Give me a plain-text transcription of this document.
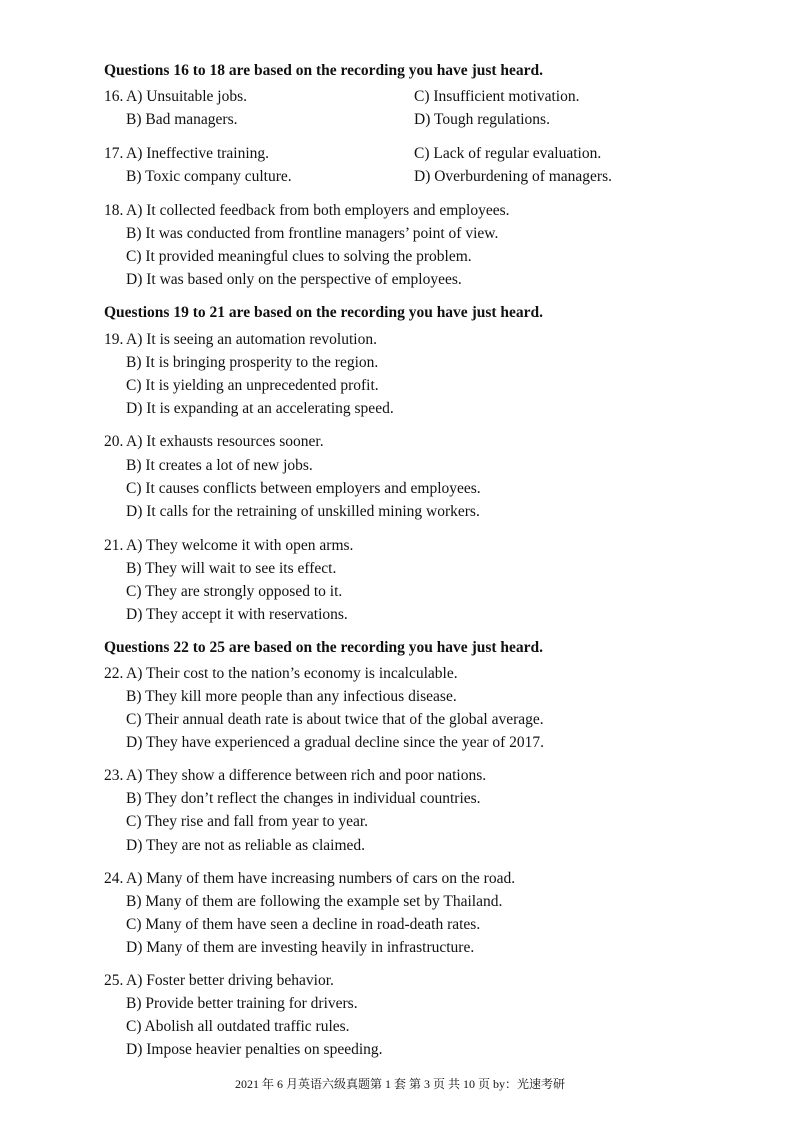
Questions 16 to 18 are based on the recording you have just heard.
16. A) Unsuitable jobs.	C) Insufficient motivation.
B) Bad managers.	D) Tough regulations.
17. A) Ineffective training.	C) Lack of regular evaluation.
B) Toxic company culture.	D) Overburdening of managers.
18. A) It collected feedback from both employers and employees.
B) It was conducted from frontline managers’ point of view.
C) It provided meaningful clues to solving the problem.
D) It was based only on the perspective of employees.
Questions 19 to 21 are based on the recording you have just heard.
19. A) It is seeing an automation revolution.
B) It is bringing prosperity to the region.
C) It is yielding an unprecedented profit.
D) It is expanding at an accelerating speed.
20. A) It exhausts resources sooner.
B) It creates a lot of new jobs.
C) It causes conflicts between employers and employees.
D) It calls for the retraining of unskilled mining workers.
21. A) They welcome it with open arms.
B) They will wait to see its effect.
C) They are strongly opposed to it.
D) They accept it with reservations.
Questions 22 to 25 are based on the recording you have just heard.
22. A) Their cost to the nation’s economy is incalculable.
B) They kill more people than any infectious disease.
C) Their annual death rate is about twice that of the global average.
D) They have experienced a gradual decline since the year of 2017.
23. A) They show a difference between rich and poor nations.
B) They don’t reflect the changes in individual countries.
C) They rise and fall from year to year.
D) They are not as reliable as claimed.
24. A) Many of them have increasing numbers of cars on the road.
B) Many of them are following the example set by Thailand.
C) Many of them have seen a decline in road-death rates.
D) Many of them are investing heavily in infrastructure.
25. A) Foster better driving behavior.
B) Provide better training for drivers.
C) Abolish all outdated traffic rules.
D) Impose heavier penalties on speeding.
2021 年 6 月英语六级真题第 1 套 第 3 页 共 10 页 by：光速考研
